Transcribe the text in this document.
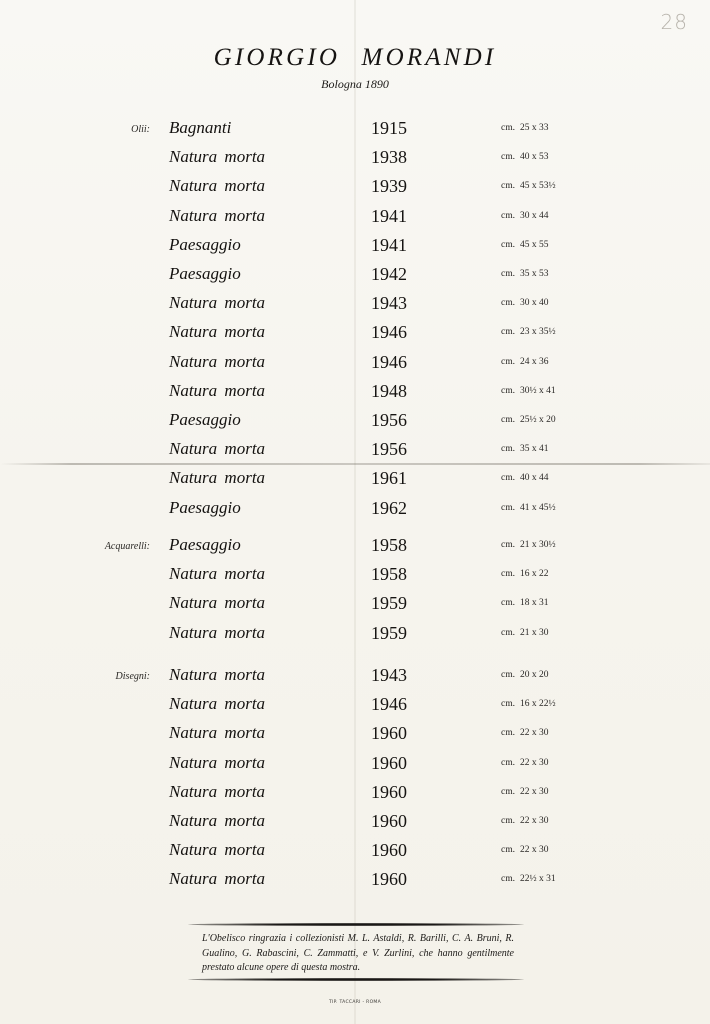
28
GIORGIO MORANDI
Bologna 1890
Olii: Bagnanti	1915	cm. 25 x 33
Natura morta	1938	cm. 40 x 53
Natura morta	1939	cm. 45 x 53½
Natura morta	1941	cm. 30 x 44
Paesaggio	1941	cm. 45 x 55
Paesaggio	1942	cm. 35 x 53
Natura morta	1943	cm. 30 x 40
Natura morta	1946	cm. 23 x 35½
Natura morta	1946	cm. 24 x 36
Natura morta	1948	cm. 30½ x 41
Paesaggio	1956	cm. 25½ x 20
Natura morta	1956	cm. 35 x 41
Natura morta	1961	cm. 40 x 44
Paesaggio	1962	cm. 41 x 45½
Acquarelli: Paesaggio	1958	cm. 21 x 30½
Natura morta	1958	cm. 16 x 22
Natura morta	1959	cm. 18 x 31
Natura morta	1959	cm. 21 x 30
Disegni: Natura morta	1943	cm. 20 x 20
Natura morta	1946	cm. 16 x 22½
Natura morta	1960	cm. 22 x 30
Natura morta	1960	cm. 22 x 30
Natura morta	1960	cm. 22 x 30
Natura morta	1960	cm. 22 x 30
Natura morta	1960	cm. 22 x 30
Natura morta	1960	cm. 22½ x 31
L'Obelisco ringrazia i collezionisti M. L. Astaldi, R. Barilli, C. A. Bruni, R. Gualino, G. Rabascini, C. Zammatti, e V. Zurlini, che hanno gentilmente prestato alcune opere di questa mostra.
TIP. TACCARI - ROMA
